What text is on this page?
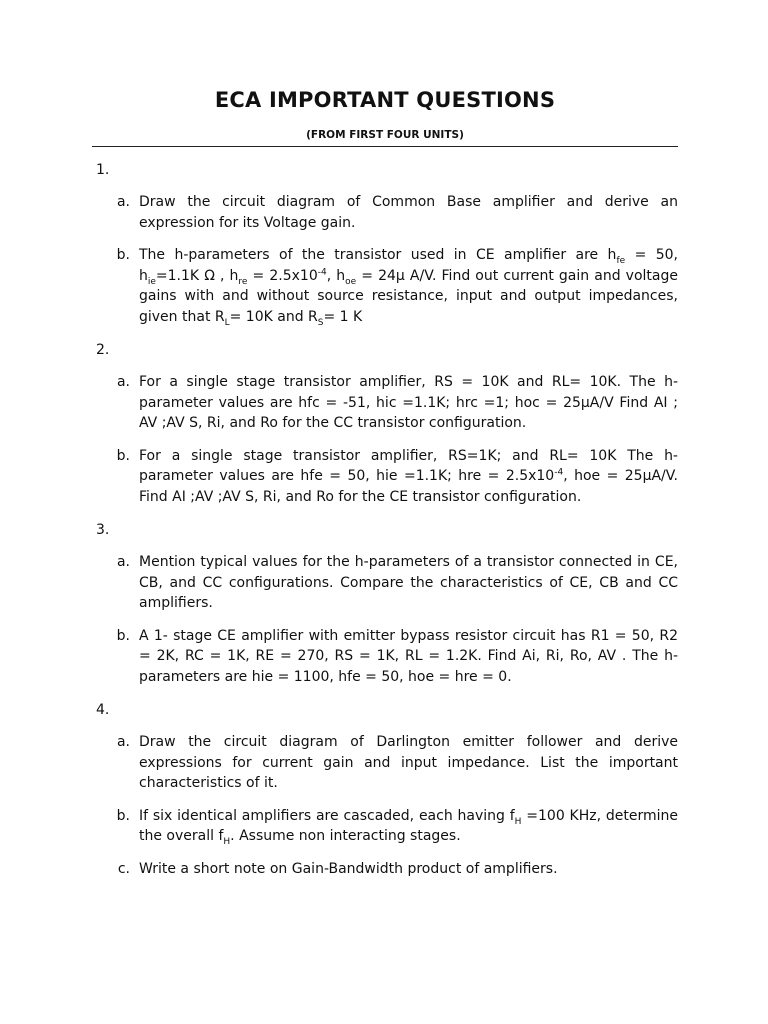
ECA IMPORTANT QUESTIONS
(FROM FIRST FOUR UNITS)
1.
a. Draw the circuit diagram of Common Base amplifier and derive an expression for its Voltage gain.
b. The h-parameters of the transistor used in CE amplifier are $h_{fe} = 50$, $h_{ie}=1.1K$ Ω , $h_{re} = 2.5x10^{-4}$, $h_{oe} = 24\mu$ A/V. Find out current gain and voltage gains with and without source resistance, input and output impedances, given that $R_L= 10K$ and $R_S= 1$ K
2.
a. For a single stage transistor amplifier, RS = 10K and RL= 10K. The h-parameter values are hfc = -51, hic =1.1K; hrc =1; hoc = 25µA/V Find AI ; AV ;AV S, Ri, and Ro for the CC transistor configuration.
b. For a single stage transistor amplifier, RS=1K; and RL= 10K The h-parameter values are hfe = 50, hie =1.1K; hre = $2.5x10^{-4}$, hoe = 25µA/V. Find AI ;AV ;AV S, Ri, and Ro for the CE transistor configuration.
3.
a. Mention typical values for the h-parameters of a transistor connected in CE, CB, and CC configurations. Compare the characteristics of CE, CB and CC amplifiers.
b. A 1- stage CE amplifier with emitter bypass resistor circuit has R1 = 50, R2 = 2K, RC = 1K, RE = 270, RS = 1K, RL = 1.2K. Find Ai, Ri, Ro, AV . The h-parameters are hie = 1100, hfe = 50, hoe = hre = 0.
4.
a. Draw the circuit diagram of Darlington emitter follower and derive expressions for current gain and input impedance. List the important characteristics of it.
b. If six identical amplifiers are cascaded, each having $f_H =100$ KHz, determine the overall $f_H$. Assume non interacting stages.
c. Write a short note on Gain-Bandwidth product of amplifiers.
